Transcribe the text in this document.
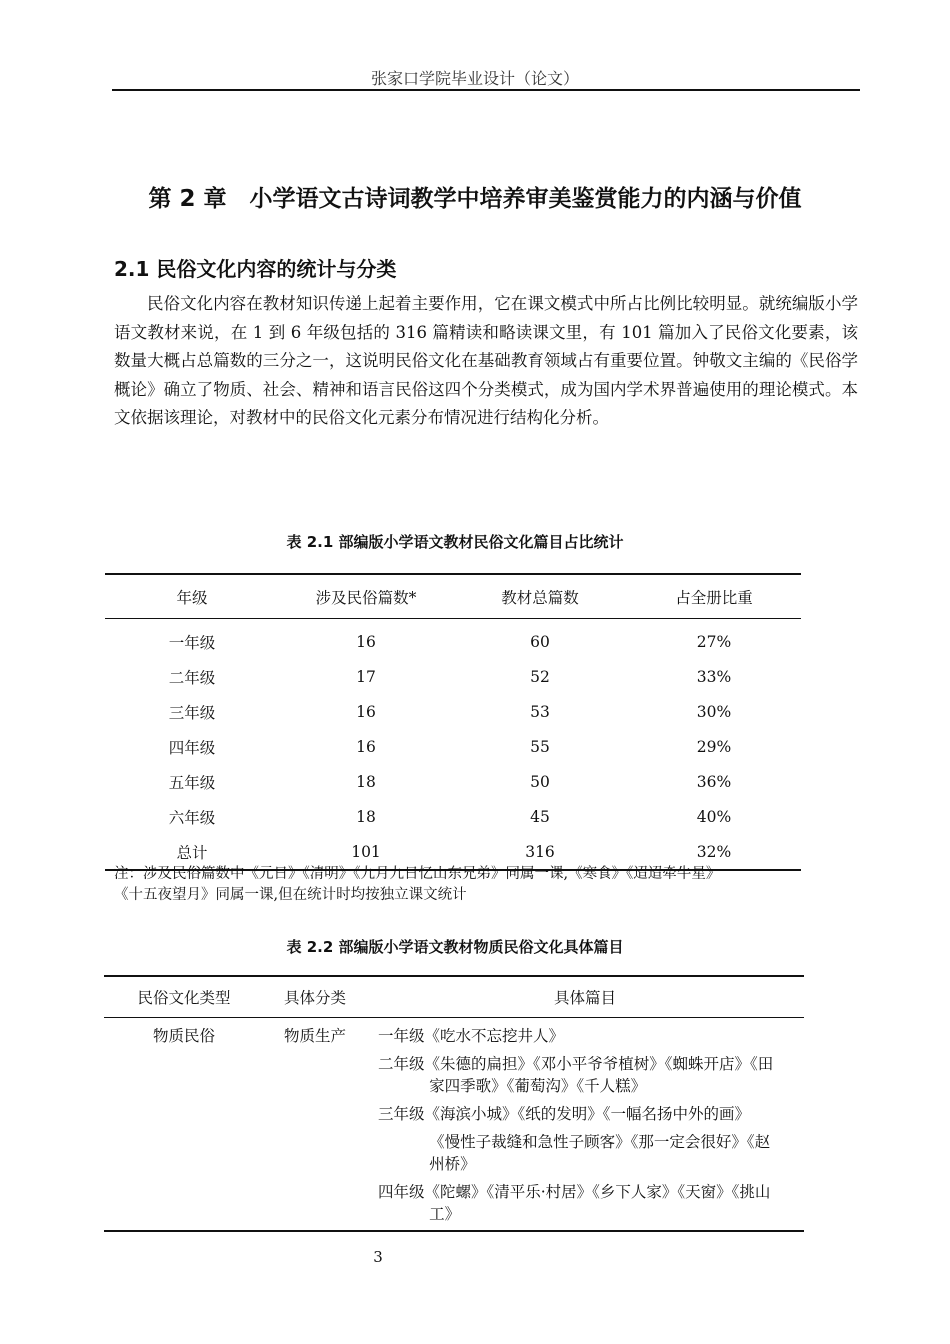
张家口学院毕业设计（论文）
第 2 章　小学语文古诗词教学中培养审美鉴赏能力的内涵与价值
2.1 民俗文化内容的统计与分类

民俗文化内容在教材知识传递上起着主要作用，它在课文模式中所占比例比较明显。就统编版小学语文教材来说，在 1 到 6 年级包括的 316 篇精读和略读课文里，有 101 篇加入了民俗文化要素，该数量大概占总篇数的三分之一，这说明民俗文化在基础教育领域占有重要位置。钟敬文主编的《民俗学概论》确立了物质、社会、精神和语言民俗这四个分类模式，成为国内学术界普遍使用的理论模式。本文依据该理论，对教材中的民俗文化元素分布情况进行结构化分析。

表 2.1 部编版小学语文教材民俗文化篇目占比统计
年级	涉及民俗篇数*	教材总篇数	占全册比重
一年级	16	60	27%
二年级	17	52	33%
三年级	16	53	30%
四年级	16	55	29%
五年级	18	50	36%
六年级	18	45	40%
总计	101	316	32%
注：涉及民俗篇数中《元日》《清明》《九月九日忆山东兄弟》同属一课,《寒食》《迢迢牵牛星》
《十五夜望月》同属一课,但在统计时均按独立课文统计
表 2.2 部编版小学语文教材物质民俗文化具体篇目
民俗文化类型	具体分类	具体篇目
物质民俗	物质生产	一年级《吃水不忘挖井人》
二年级《朱德的扁担》《邓小平爷爷植树》《蜘蛛开店》《田家四季歌》《葡萄沟》《千人糕》
三年级《海滨小城》《纸的发明》《一幅名扬中外的画》
《慢性子裁缝和急性子顾客》《那一定会很好》《赵州桥》
四年级《陀螺》《清平乐·村居》《乡下人家》《天窗》《挑山工》
3
